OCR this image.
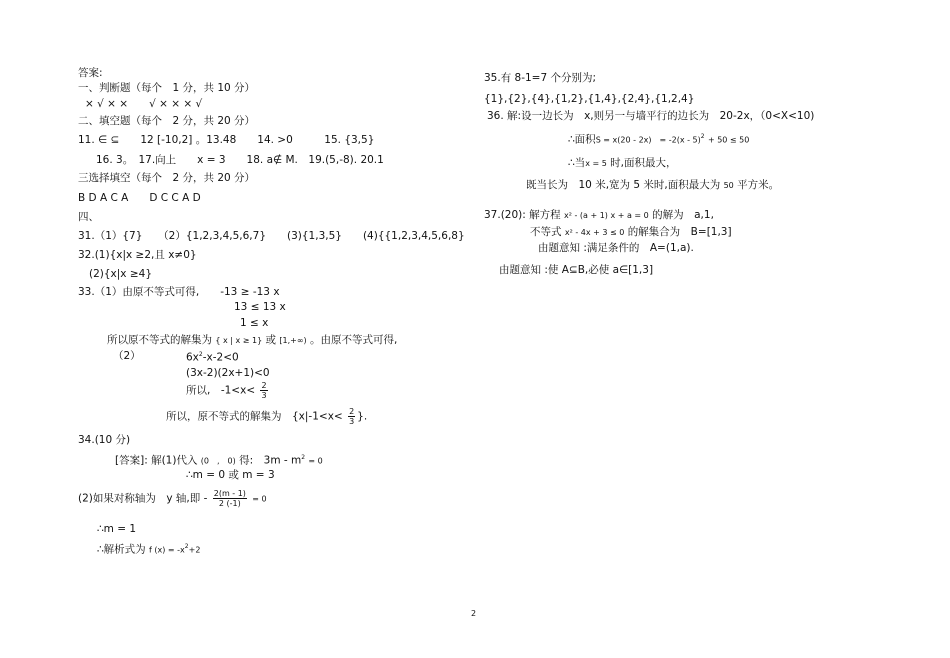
答案:
一、判断题（每个　1 分，共 10 分）
× √ × ×　　√ × × × √
二、填空题（每个　2 分，共 20 分）
11. ∈ ⊆　　12 [-10,2] 。13.48　　14. >0　　　15. {3,5}
16. 3。　17.向上　　x = 3　　18. a∉ M.　19.(5,-8). 20.1
三选择填空（每个　2 分，共 20 分）
B D A C A　　D C C A D
四、
31.（1）{7}　　（2）{1,2,3,4,5,6,7}　　(3){1,3,5}　　(4){{1,2,3,4,5,6,8}
32.(1){x|x ≥2,且 x≠0}
(2){x|x ≥4}
33.（1）由原不等式可得,　　-13 ≥ -13 x
13 ≤ 13 x
1 ≤ x
所以原不等式的解集为 { x | x ≥ 1} 或 [1,+∞) 。由原不等式可得,
（2）	$6x^2-x-2<0$
(3x-2)(2x+1)<0
所以,　$-1<x< \frac{2}{3}$
所以，原不等式的解集为　{$x|-1<x< \frac{2}{3}$ }.
34.(10 分)
[答案]: 解(1)代入 (0　,　0) 得:　$3m - m^2 = 0$
∴m = 0 或 m = 3
(2)如果对称轴为　y 轴,即 - $\frac{2(m - 1)}{2 (-1)} = 0$
∴m = 1
∴解析式为 f $(x) = -x^2+2$
35.有 8-1=7 个分别为;
{1},{2},{4},{1,2},{1,4},{2,4},{1,2,4}
36. 解:设一边长为　x,则另一与墙平行的边长为　20-2x，（0<X<10)
∴面积S = x(20 - 2x)　= -2(x - 5)$^2$ + 50 ≤ 50
∴当x = 5 时,面积最大，
既当长为　10 米,宽为 5 米时,面积最大为 50 平方米。
37.(20): 解方程 x² - (a + 1) x + a = 0 的解为　a,1,
不等式 x² - 4x + 3 ≤ 0 的解集合为　B=[1,3]
由题意知 :满足条件的　A=(1,a).
由题意知 :使 A⊆B,必使 a∈[1,3]
2
